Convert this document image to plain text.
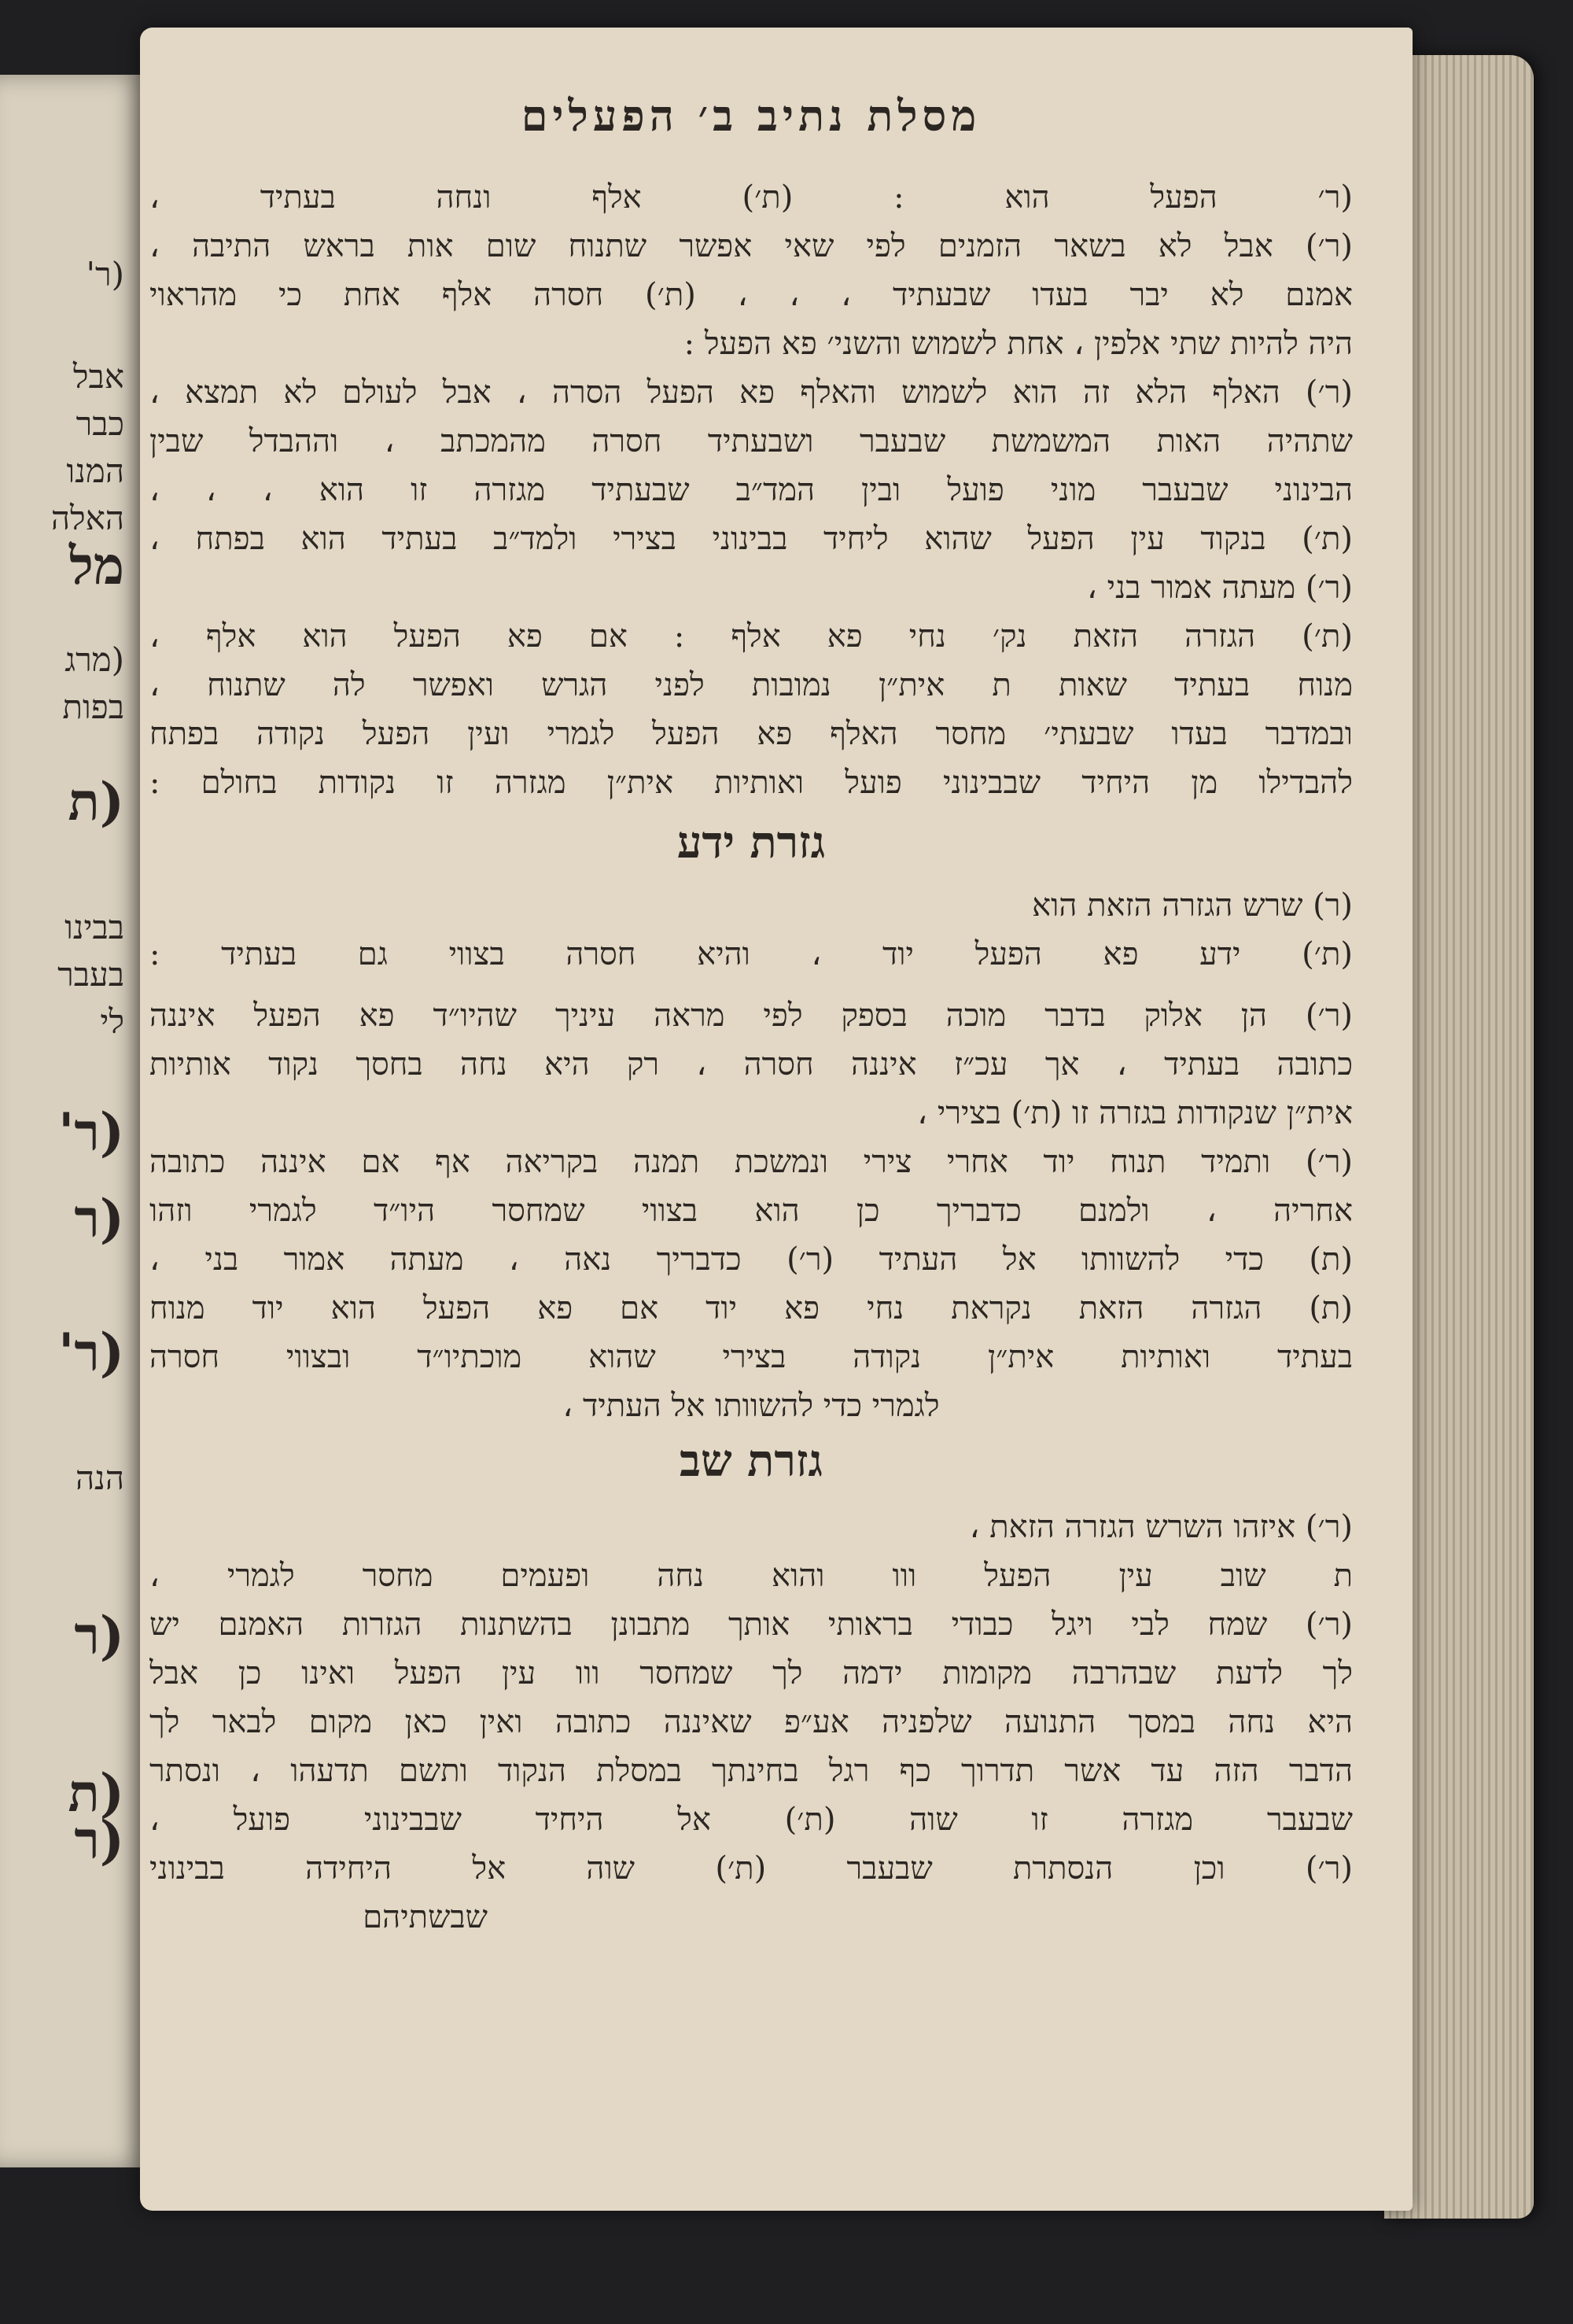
(ר'
אבל
כבר
המנו
האלה
מל
(מרג
בפות
(ת
בבינו
בעבר
לי
(ר'
(ר
(ר'
הנה
(ר
(ת
(ר
מסלת נתיב ב׳ הפעלים
(ר׳ הפעל הוא : (ת׳) אלף ונחה בעתיד ،
(ר׳) אבל לא בשאר הזמנים לפי שאי אפשר שתנוח שום אות בראש התיבה ،
אמנם לא יבר בעדו שבעתיד ، ، ، (ת׳) חסרה אלף אחת כי מהראוי
היה להיות שתי אלפין ، אחת לשמוש והשני׳ פא הפעל :
(ר׳) האלף הלא זה הוא לשמוש והאלף פא הפעל הסרה ، אבל לעולם לא תמצא ،
שתהיה האות המשמשת שבעבר ושבעתיד חסרה מהמכתב ، וההבדל שבין
הבינוני שבעבר מוני פועל ובין המד״ב שבעתיד מגזרה זו הוא ، ، ،
(ת׳) בנקוד עין הפעל שהוא ליחיד בבינוני בצירי ולמד״ב בעתיד הוא בפתח ،
(ר׳) מעתה אמור בני ،
(ת׳) הגזרה הזאת נק׳ נחי פא אלף : אם פא הפעל הוא אלף ،
מנוח בעתיד שאות ת אית״ן נמובות לפני הגרש ואפשר לה שתנוח ،
ובמדבר בעדו שבעתי׳ מחסר האלף פא הפעל לגמרי ועין הפעל נקודה בפתח
להבדילו מן היחיד שבבינוני פועל ואותיות אית״ן מגזרה זו נקודות בחולם :
גזרת ידע
(ר) שרש הגזרה הזאת הוא
(ת׳) ידע פא הפעל יוד ، והיא חסרה בצווי גם בעתיד :
(ר׳) הן אלוק בדבר מוכה בספק לפי מראה עיניך שהיו״ד פא הפעל איננה
כתובה בעתיד ، אך עכ״ז איננה חסרה ، רק היא נחה בחסך נקוד אותיות
אית״ן שנקודות בגזרה זו (ת׳) בצירי ،
(ר׳) ותמיד תנוח יוד אחרי צירי ונמשכת תמנה בקריאה אף אם איננה כתובה
אחריה ، ולמנם כדבריך כן הוא בצווי שמחסר היו״ד לגמרי וזהו
(ת) כדי להשוותו אל העתיד (ר׳) כדבריך נאה ، מעתה אמור בני ،
(ת) הגזרה הזאת נקראת נחי פא יוד אם פא הפעל הוא יוד מנוח
בעתיד ואותיות אית״ן נקודה בצירי שהוא מוכתיו״ד ובצווי חסרה
לגמרי כדי להשוותו אל העתיד ،
גזרת שב
(ר׳) איזהו השרש הגזרה הזאת ،
ת שוב עין הפעל ווו והוא נחה ופעמים מחסר לגמרי ،
(ר׳) שמח לבי ויגל כבודי בראותי אותך מתבונן בהשתנות הגזרות האמנם יש
לך לדעת שבהרבה מקומות ידמה לך שמחסר ווו עין הפעל ואינו כן אבל
היא נחה במסך התנועה שלפניה אע״פ שאיננה כתובה ואין כאן מקום לבאר לך
הדבר הזה עד אשר תדרוך כף רגל בחינתך במסלת הנקוד ותשם תדעהו ، ונסתר
שבעבר מגזרה זו שוה (ת׳) אל היחיד שבבינוני פועל ،
(ר׳) וכן הנסתרת שבעבר (ת׳) שוה אל היחידה בבינוני
שבשתיהם
